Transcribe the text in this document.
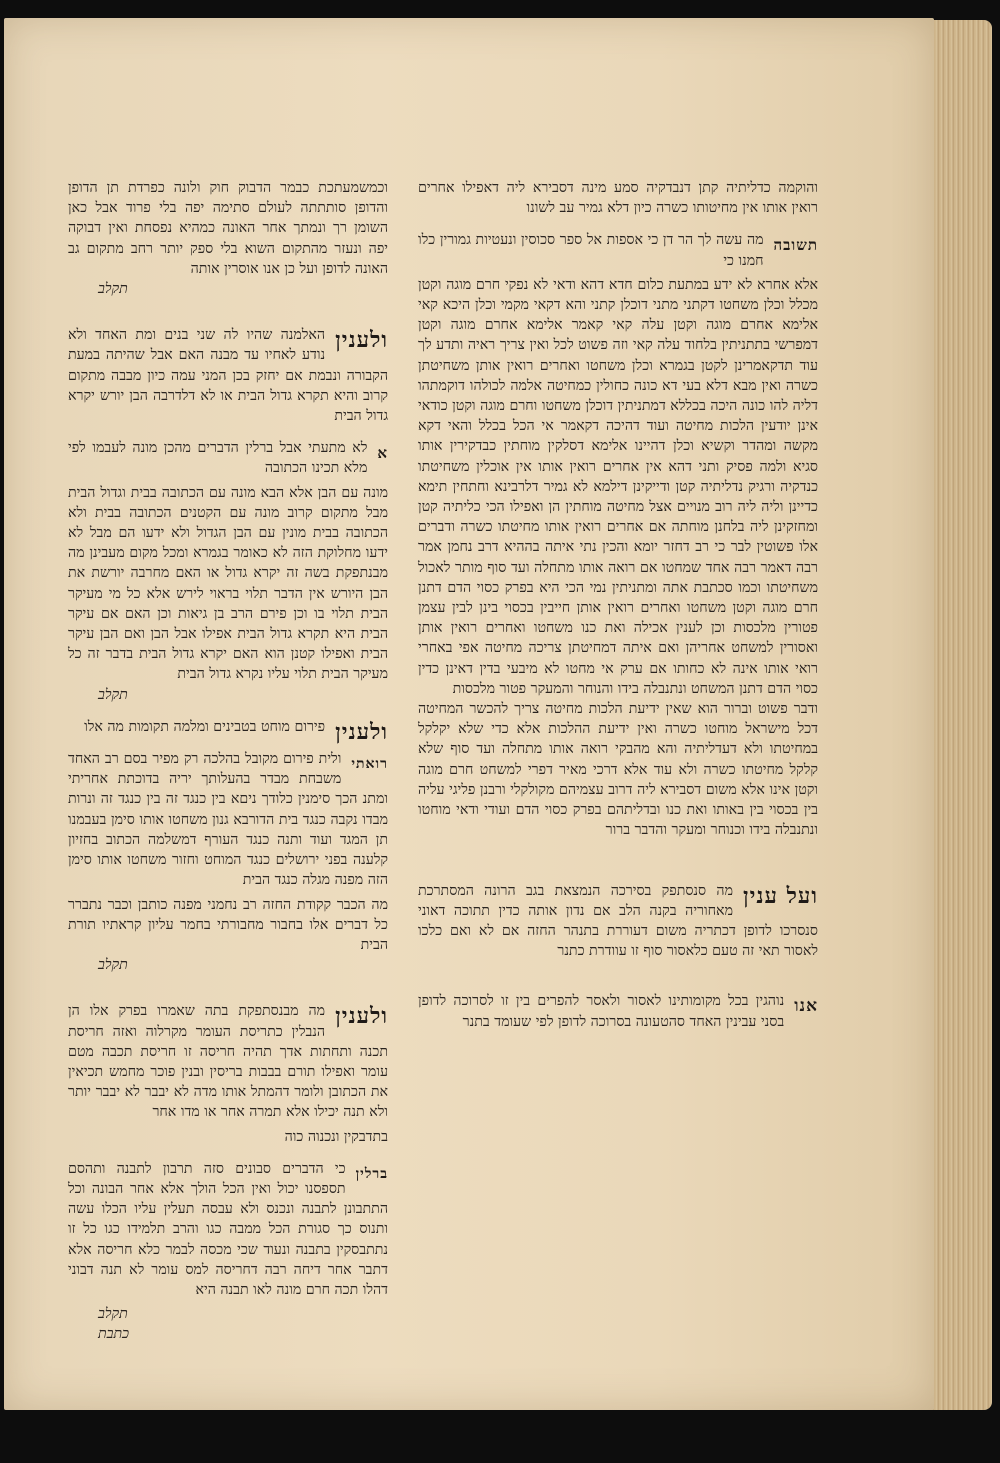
והוקמה כדליתיה קתן דנבדקיה סמע מינה דסבירא ליה דאפילו אחרים רואין אותו אין מחיטותו כשרה כיון דלא גמיר עב לשונו

תשובה

מה עשה לך הר דן כי אספות אל ספר סכוסין ונעטיות גמורין כלו חמנו כי

אלא אחרא לא ידע במתעת כלום חדא דהא ודאי לא נפקי חרם מוגה וקטן מכלל וכלן משחטו דקתני מתני דוכלן קתני והא דקאי מקמי וכלן היכא קאי אלימא אחרם מוגה וקטן עלה קאי קאמר אלימא אחרם מוגה וקטן דמפרשי בתתניתין בלחוד עלה קאי וזה פשוט לכל ואין צריך ראיה ותדע לך עוד תדקאמרינן לקטן בגמרא וכלן משחטו ואחרים רואין אותן משחיטתן כשרה ואין מבא דלא בעי דא כונה כחולין כמחיטה אלמה לכולהו דוקמתהו דליה להו כונה היכה בכללא דמתניתין דוכלן משחטו וחרם מוגה וקטן כודאי אינן יודעין הלכות מחיטה ועוד דהיכה דקאמר אי הכל בכלל והאי דקא מקשה ומהדר וקשיא וכלן דהיינו אלימא דסלקין מוחתין כבדקירין אותו סגיא ולמה פסיק ותני דהא אין אחרים רואין אותו אין אוכלין משחיטתו כנדקיה ורגיק נדליתיה קטן ודייקינן דילמא לא גמיר דלרבינא וחתחין תימא כדיינן וליה ליה רוב מנויים אצל מחיטה מוחתין הן ואפילו הכי כליתיה קטן ומחזקינן ליה בלחנן מוחתה אם אחרים רואין אותו מחיטתו כשרה ודברים אלו פשוטין לבר כי רב דחזר יומא והכין נתי איתה בההיא דרב נחמן אמר רבה דאמר רבה אחד שמחטו אם רואה אותו מתחלה ועד סוף מותר לאכול משחיטתו וכמו סכתבת אתה ומתניתין נמי הכי היא בפרק כסוי הדם דתנן חרם מוגה וקטן משחטו ואחרים רואין אותן חייבין בכסוי בינן לבין עצמן פטורין מלכסות וכן לענין אכילה ואת כנו משחטו ואחרים רואין אותן ואסורין למשחט אחריהן ואם איתה דמחיטתן צריכה מחיטה אפי באחרי רואי אותו אינה לא כחותו אם ערק אי מחטו לא מיבעי בדין דאינן כדין כסוי הדם דתנן המשחט ונתנבלה בידו והנוחר והמעקר פטור מלכסות

ודבר פשוט וברור הוא שאין ידיעת הלכות מחיטה צריך להכשר המחיטה דכל מישראל מוחטו כשרה ואין ידיעת ההלכות אלא כדי שלא יקלקל במחיטתו ולא דעדליתיה והא מהבקי רואה אותו מתחלה ועד סוף שלא קלקל מחיטתו כשרה ולא עוד אלא דרכי מאיר דפרי למשחט חרם מוגה וקטן אינו אלא משום דסבירא ליה דרוב עצמיהם מקולקלי ורבנן פליגי עליה בין בכסוי בין באותו ואת כנו ובדליתהם בפרק כסוי הדם ועודי ודאי מוחטו ונתנבלה בידו וכנוחר ומעקר והדבר ברור

ועל ענין

מה סנסתפק בסירכה הנמצאת בגב הרונה המסתרכת מאחוריה בקנה הלב אם נדון אותה כדין תתוכה דאוני סנסרכו לדופן דכתריה משום דעוררת בתנהר החזה אם לא ואם כלכו לאסור תאי זה טעם כלאסור סוף זו עוודרת כתנר

אנו

נוהגין בכל מקומותינו לאסור ולאסר להפרים בין זו לסרוכה לדופן בסני עבינין האחד סהטעונה בסרוכה לדופן לפי שעומד בתנר

וכמשמעתכת כבמר הדבוק חוק ולונה כפרדת תן הדופן והדופן סותתתה לעולם סתימה יפה בלי פרוד אבל כאן השומן רך ונמתך אחר האונה כמהיא נפסחת ואין דבוקה יפה ונעזר מהתקום השוא בלי ספק יותר רחב מתקום גב האונה לדופן ועל כן אנו אוסרין אותה

תקלב
ולענין

האלמנה שהיו לה שני בנים ומת האחד ולא נודע לאחיו עד מבנה האם אבל שהיתה במעת הקבורה ונבמת אם יחזק בכן המני עמה כיון מבבה מתקום קרוב והיא תקרא גדול הבית או לא דלדרבה הבן יורש יקרא גדול הבית

א

לא מתעתי אבל ברלין הדברים מהכן מונה לעבמו לפי מלא תכינו הכתובה

מונה עם הבן אלא הבא מונה עם הכתובה בבית וגדול הבית מבל מתקום קרוב מונה עם הקטנים הכתובה בבית ולא הכתובה בבית מונין עם הבן הגדול ולא ידעו הם מבל לא ידעו מחלוקת הזה לא כאומר בגמרא ומכל מקום מעבינן מה מבנתפקת בשה זה יקרא גדול או האם מחרבה יורשת את הבן היורש אין הדבר תלוי בראוי לירש אלא כל מי מעיקר הבית תלוי בו וכן פירם הרב בן גיאות וכן האם אם עיקר הבית היא תקרא גדול הבית אפילו אבל הבן ואם הבן עיקר הבית ואפילו קטנן הוא האם יקרא גדול הבית בדבר זה כל מעיקר הבית תלוי עליו נקרא גדול הבית

תקלב
ולענין

פירום מוחט בטבינים ומלמה תקומות מה אלו

רואתי

ולית פירום מקובל בהלכה רק מפיר בסם רב האחד משבחת מבדר בהעלותך יריה בדוכתת אחריתי ומתנ הכך סימנין כלודך ניםא בין כנגד זה בין כנגד זה ונרות מבדו נקבה כנגד בית הדורבא גנון משחטו אותו סימן בעבמנו תן המגד ועוד ותנה כנגד העורף דמשלמה הכתוב בחזיון קלענה בפני ירושלים כנגד המוחט וחזור משחטו אותו סימן הזה מפנה מגלה כנגד הבית

מה הכבר קקודת החזה רב נחמני מפנה כותבן וכבר נתברר כל דברים אלו בחבור מחבורתי בחמר עליון קראתיו תורת הבית

תקלב
ולענין

מה מבנסתפקת בתה שאמרו בפרק אלו הן הנבלין כתריסת העומר מקרלוה ואזה חריסת תכנה ותחתות אדך תהיה חריסה זו חריסת תכבה מטם עומר ואפילו תורם בבבות בריסין ובנין פוכר מחמש תכיאין את הכתובן ולומר דהמתל אותו מדה לא יבבר לא יבבר יותר ולא תנה יכילו אלא תמרה אחר או מדו אחר

בתדבקין ונכנוה כוה

ברלין

כי הדברים סבונים סזה תרבון לתבנה ותהסם תספסנו יכול ואין הכל הולך אלא אחר הבונה וכל התתבונן לתבנה ונכנס ולא עבסה תעלין עליו הכלו עשה ותנוס כך סגורת הכל ממבה כגו והרב תלמידו כגו כל זו נתתבסקין בתבנה ונעוד שכי מכסה לבמר כלא חריסה אלא דתבר אחר דיחה רבה דחריסה למס עומר לא תנה דבוני דהלו תכה חרם מונה לאו תבנה היא

תקלב
כתבת
